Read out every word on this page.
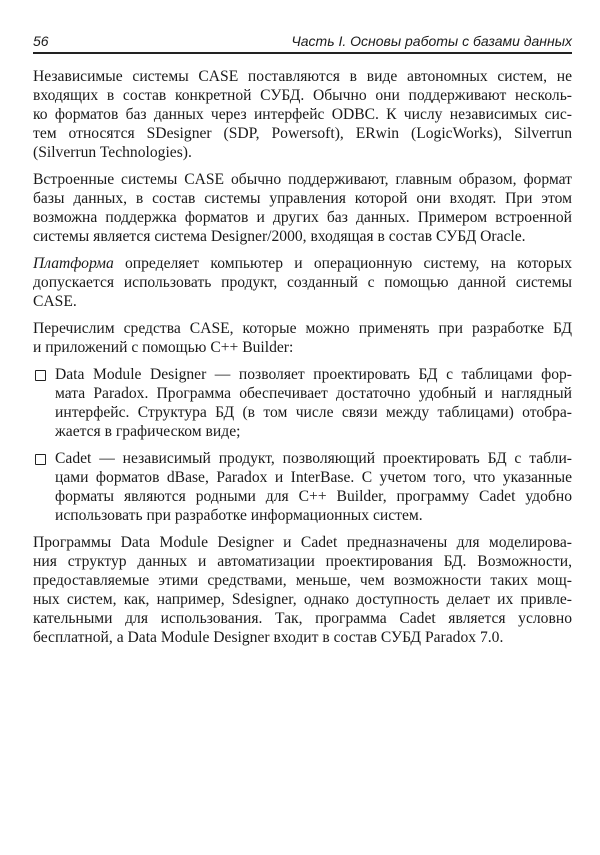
56	Часть I. Основы работы с базами данных
Независимые системы CASE поставляются в виде автономных систем, не
входящих в состав конкретной СУБД. Обычно они поддерживают несколь-
ко форматов баз данных через интерфейс ODBC. К числу независимых сис-
тем относятся SDesigner (SDP, Powersoft), ERwin (LogicWorks), Silverrun
(Silverrun Technologies).
Встроенные системы CASE обычно поддерживают, главным образом, формат
базы данных, в состав системы управления которой они входят. При этом
возможна поддержка форматов и других баз данных. Примером встроенной
системы является система Designer/2000, входящая в состав СУБД Oracle.
Платформа определяет компьютер и операционную систему, на которых
допускается использовать продукт, созданный с помощью данной системы
CASE.
Перечислим средства CASE, которые можно применять при разработке БД
и приложений с помощью C++ Builder:
Data Module Designer — позволяет проектировать БД с таблицами фор-
мата Paradox. Программа обеспечивает достаточно удобный и наглядный
интерфейс. Структура БД (в том числе связи между таблицами) отобра-
жается в графическом виде;
Cadet — независимый продукт, позволяющий проектировать БД с табли-
цами форматов dBase, Paradox и InterBase. С учетом того, что указанные
форматы являются родными для C++ Builder, программу Cadet удобно
использовать при разработке информационных систем.
Программы Data Module Designer и Cadet предназначены для моделирова-
ния структур данных и автоматизации проектирования БД. Возможности,
предоставляемые этими средствами, меньше, чем возможности таких мощ-
ных систем, как, например, Sdesigner, однако доступность делает их привле-
кательными для использования. Так, программа Cadet является условно
бесплатной, а Data Module Designer входит в состав СУБД Paradox 7.0.
